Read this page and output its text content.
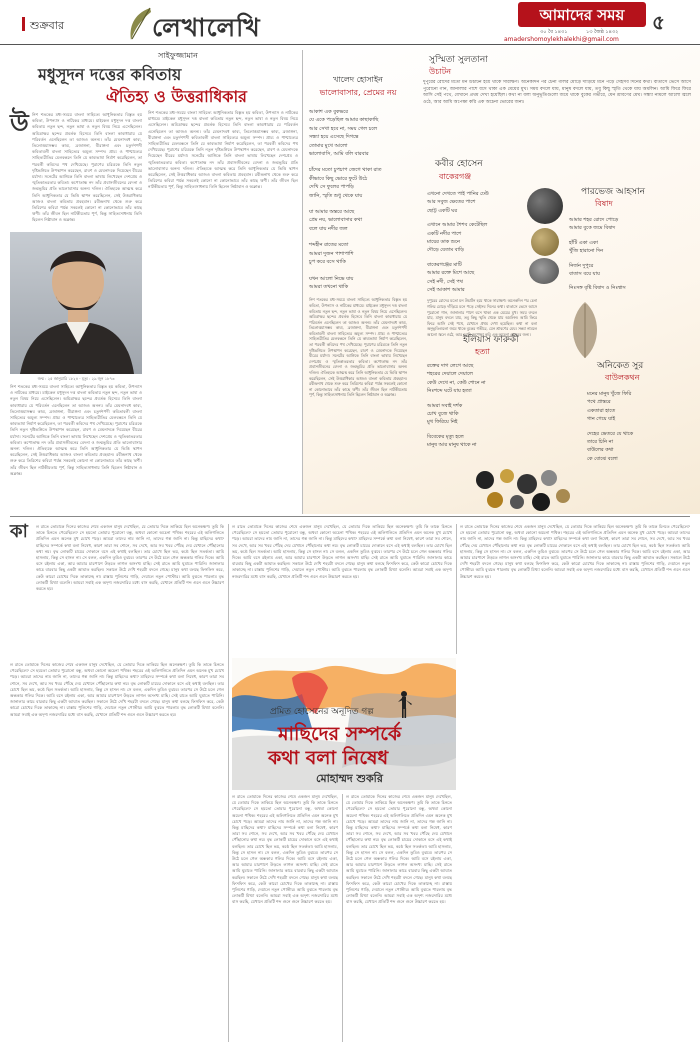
শুক্রবার	লেখালেখি	আমাদের সময়
৩০ বৈ ১৪৩১	১৩ জৈষ্ঠ ১৪৩২
amadershomoylekhalekhi@gmail.com
৫
সাইফুজ্জামান
মধুসূদন দত্তের কবিতায়
ঐতিহ্য ও উত্তরাধিকার
উ নিশ শতকের মধ্য-সময়ে বাংলা সাহিত্যে আধুনিকতার বিস্তৃত হয় কবিতা, উপন্যাস ও নাটকের মাধ্যমে। মাইকেল মধুসূদন দত্ত বাংলা কবিতায় নতুন ছন্দ, নতুন ভাষা ও নতুন বিষয় নিয়ে এসেছিলেন। অমিত্রাক্ষর ছন্দের প্রবর্তক হিসেবে তিনি বাংলা কাব্যধারায় যে পরিবর্তন এনেছিলেন তা আজও অনন্য। তাঁর মেঘনাদবধ কাব্য, তিলোত্তমাসম্ভব কাব্য, ব্রজাঙ্গনা, বীরাঙ্গনা এবং চতুর্দশপদী কবিতাবলী বাংলা সাহিত্যের অমূল্য সম্পদ। প্রাচ্য ও পাশ্চাত্যের সাহিত্যরীতির মেলবন্ধনে তিনি যে কাব্যভাষা নির্মাণ করেছিলেন, তা পরবর্তী কবিদের পথ দেখিয়েছে। পুরাণের চরিত্রকে তিনি নতুন দৃষ্টিভঙ্গিতে উপস্থাপন করেছেন, রাবণ ও মেঘনাদকে দিয়েছেন বীরের মর্যাদা। সনেটের আঙ্গিকে তিনি বাংলা ভাষায় লিখেছেন দেশপ্রেম ও স্মৃতিকাতরতার কবিতা। কপোতাক্ষ নদ তাঁর প্রবাসজীবনের বেদনা ও জন্মভূমির প্রতি ভালোবাসার অনন্য দলিল। ঐতিহ্যকে আত্মস্থ করে তিনি আধুনিকতার যে ভিত্তি স্থাপন করেছিলেন, সেই উত্তরাধিকার আজও বাংলা কবিতায় প্রবহমান। রবীন্দ্রনাথ থেকে শুরু করে তিরিশের কবিরা পর্যন্ত সকলেই কোনো না কোনোভাবে তাঁর কাছে ঋণী। তাঁর জীবন ছিল নাটকীয়তায় পূর্ণ, কিন্তু সাহিত্যসাধনায় তিনি ছিলেন নিষ্ঠাবান ও অক্লান্ত।
জন্ম : ২৫ জানুয়ারি ১৮২৪ - মৃত্যু : ২৯ জুন ১৮৭৩
নিশ শতকের মধ্য-সময়ে বাংলা সাহিত্যে আধুনিকতার বিস্তৃত হয় কবিতা, উপন্যাস ও নাটকের মাধ্যমে। মাইকেল মধুসূদন দত্ত বাংলা কবিতায় নতুন ছন্দ, নতুন ভাষা ও নতুন বিষয় নিয়ে এসেছিলেন। অমিত্রাক্ষর ছন্দের প্রবর্তক হিসেবে তিনি বাংলা কাব্যধারায় যে পরিবর্তন এনেছিলেন তা আজও অনন্য। তাঁর মেঘনাদবধ কাব্য, তিলোত্তমাসম্ভব কাব্য, ব্রজাঙ্গনা, বীরাঙ্গনা এবং চতুর্দশপদী কবিতাবলী বাংলা সাহিত্যের অমূল্য সম্পদ। প্রাচ্য ও পাশ্চাত্যের সাহিত্যরীতির মেলবন্ধনে তিনি যে কাব্যভাষা নির্মাণ করেছিলেন, তা পরবর্তী কবিদের পথ দেখিয়েছে। পুরাণের চরিত্রকে তিনি নতুন দৃষ্টিভঙ্গিতে উপস্থাপন করেছেন, রাবণ ও মেঘনাদকে দিয়েছেন বীরের মর্যাদা। সনেটের আঙ্গিকে তিনি বাংলা ভাষায় লিখেছেন দেশপ্রেম ও স্মৃতিকাতরতার কবিতা। কপোতাক্ষ নদ তাঁর প্রবাসজীবনের বেদনা ও জন্মভূমির প্রতি ভালোবাসার অনন্য দলিল। ঐতিহ্যকে আত্মস্থ করে তিনি আধুনিকতার যে ভিত্তি স্থাপন করেছিলেন, সেই উত্তরাধিকার আজও বাংলা কবিতায় প্রবহমান। রবীন্দ্রনাথ থেকে শুরু করে তিরিশের কবিরা পর্যন্ত সকলেই কোনো না কোনোভাবে তাঁর কাছে ঋণী। তাঁর জীবন ছিল নাটকীয়তায় পূর্ণ, কিন্তু সাহিত্যসাধনায় তিনি ছিলেন নিষ্ঠাবান ও অক্লান্ত।
নিশ শতকের মধ্য-সময়ে বাংলা সাহিত্যে আধুনিকতার বিস্তৃত হয় কবিতা, উপন্যাস ও নাটকের মাধ্যমে। মাইকেল মধুসূদন দত্ত বাংলা কবিতায় নতুন ছন্দ, নতুন ভাষা ও নতুন বিষয় নিয়ে এসেছিলেন। অমিত্রাক্ষর ছন্দের প্রবর্তক হিসেবে তিনি বাংলা কাব্যধারায় যে পরিবর্তন এনেছিলেন তা আজও অনন্য। তাঁর মেঘনাদবধ কাব্য, তিলোত্তমাসম্ভব কাব্য, ব্রজাঙ্গনা, বীরাঙ্গনা এবং চতুর্দশপদী কবিতাবলী বাংলা সাহিত্যের অমূল্য সম্পদ। প্রাচ্য ও পাশ্চাত্যের সাহিত্যরীতির মেলবন্ধনে তিনি যে কাব্যভাষা নির্মাণ করেছিলেন, তা পরবর্তী কবিদের পথ দেখিয়েছে। পুরাণের চরিত্রকে তিনি নতুন দৃষ্টিভঙ্গিতে উপস্থাপন করেছেন, রাবণ ও মেঘনাদকে দিয়েছেন বীরের মর্যাদা। সনেটের আঙ্গিকে তিনি বাংলা ভাষায় লিখেছেন দেশপ্রেম ও স্মৃতিকাতরতার কবিতা। কপোতাক্ষ নদ তাঁর প্রবাসজীবনের বেদনা ও জন্মভূমির প্রতি ভালোবাসার অনন্য দলিল। ঐতিহ্যকে আত্মস্থ করে তিনি আধুনিকতার যে ভিত্তি স্থাপন করেছিলেন, সেই উত্তরাধিকার আজও বাংলা কবিতায় প্রবহমান। রবীন্দ্রনাথ থেকে শুরু করে তিরিশের কবিরা পর্যন্ত সকলেই কোনো না কোনোভাবে তাঁর কাছে ঋণী। তাঁর জীবন ছিল নাটকীয়তায় পূর্ণ, কিন্তু সাহিত্যসাধনায় তিনি ছিলেন নিষ্ঠাবান ও অক্লান্ত।
খালেদ হোসাইন
ভালোবাসার, প্রেমের নয়
আকাশ এক বুকভরে
যে একে পড়েছিল আমার কাছাকাছি
আর সেখা হবে না, সময় গেল চলে
সন্ধ্যা হয়ে এসেছে দিগন্তে
তোমার মুখে আলো
ভালোবাসি, আমি বলি বারবার
চাঁদের মতো চুপচাপ জেগে থাকা রাত
কীভাবে কিছু ভোরে ফুটে উঠে
দেখি সে ফুলের পাপড়ি
জানি, স্মৃতি শুধু থেকে যায়
যা আমার অন্তরে আছে
প্রেম নয়, ভালোবাসার কথা
বলে যায় নদীর জল
শব্দহীন রাতের মতো
আমরা দুজন পাশাপাশি
চুপ করে বসে থাকি
যখন আলো নিভে যায়
আমরা তখনো থাকি
নিশ শতকের মধ্য-সময়ে বাংলা সাহিত্যে আধুনিকতার বিস্তৃত হয় কবিতা, উপন্যাস ও নাটকের মাধ্যমে। মাইকেল মধুসূদন দত্ত বাংলা কবিতায় নতুন ছন্দ, নতুন ভাষা ও নতুন বিষয় নিয়ে এসেছিলেন। অমিত্রাক্ষর ছন্দের প্রবর্তক হিসেবে তিনি বাংলা কাব্যধারায় যে পরিবর্তন এনেছিলেন তা আজও অনন্য। তাঁর মেঘনাদবধ কাব্য, তিলোত্তমাসম্ভব কাব্য, ব্রজাঙ্গনা, বীরাঙ্গনা এবং চতুর্দশপদী কবিতাবলী বাংলা সাহিত্যের অমূল্য সম্পদ। প্রাচ্য ও পাশ্চাত্যের সাহিত্যরীতির মেলবন্ধনে তিনি যে কাব্যভাষা নির্মাণ করেছিলেন, তা পরবর্তী কবিদের পথ দেখিয়েছে। পুরাণের চরিত্রকে তিনি নতুন দৃষ্টিভঙ্গিতে উপস্থাপন করেছেন, রাবণ ও মেঘনাদকে দিয়েছেন বীরের মর্যাদা। সনেটের আঙ্গিকে তিনি বাংলা ভাষায় লিখেছেন দেশপ্রেম ও স্মৃতিকাতরতার কবিতা। কপোতাক্ষ নদ তাঁর প্রবাসজীবনের বেদনা ও জন্মভূমির প্রতি ভালোবাসার অনন্য দলিল। ঐতিহ্যকে আত্মস্থ করে তিনি আধুনিকতার যে ভিত্তি স্থাপন করেছিলেন, সেই উত্তরাধিকার আজও বাংলা কবিতায় প্রবহমান। রবীন্দ্রনাথ থেকে শুরু করে তিরিশের কবিরা পর্যন্ত সকলেই কোনো না কোনোভাবে তাঁর কাছে ঋণী। তাঁর জীবন ছিল নাটকীয়তায় পূর্ণ, কিন্তু সাহিত্যসাধনায় তিনি ছিলেন নিষ্ঠাবান ও অক্লান্ত।
সুস্মিতা সুলতানা
উচাটন
দুপুরের রোদের মতো মন উচাটন হয়ে থাকে সারাক্ষণ। অনেকদিন পর চেনা গলির মোড়ে দাঁড়িয়ে মনে পড়ে সেইসব দিনের কথা। বাতাসে ভেসে আসে পুরোনো গান, জানালার পাশে বসে থাকা এক মেয়ের মুখ। সময় বদলে যায়, মানুষ বদলে যায়, তবু কিছু স্মৃতি থেকে যায় অমলিন। আমি ফিরে ফিরে আসি সেই পথে, যেখানে প্রথম দেখা হয়েছিল। কথা না বলা অনুভূতিগুলো জমে থাকে বুকের গভীরে, যেন শ্রাবণের মেঘ। সন্ধ্যা নামলে আলো জ্বলে ওঠে, আর আমি অপেক্ষা করি এক অচেনা ভোরের জন্য।
কবীর হোসেন
বাকেরগঞ্জ
এখনো দেখতে পাই পানির ঢেউ
আর সবুজ ক্ষেতের পাশে
ছোট্ট একটি ঘর
এখানে আমার শৈশব কেটেছিল
একটি নদীর পাশে
মায়ের ডাক শুনে
দৌড়ে যেতাম বাড়ি
বাকেরগঞ্জের মাটি
আমার রক্তে মিশে আছে
সেই নদী, সেই পথ
সেই আকাশ আমার
দুপুরের রোদের মতো মন উচাটন হয়ে থাকে সারাক্ষণ। অনেকদিন পর চেনা গলির মোড়ে দাঁড়িয়ে মনে পড়ে সেইসব দিনের কথা। বাতাসে ভেসে আসে পুরোনো গান, জানালার পাশে বসে থাকা এক মেয়ের মুখ। সময় বদলে যায়, মানুষ বদলে যায়, তবু কিছু স্মৃতি থেকে যায় অমলিন। আমি ফিরে ফিরে আসি সেই পথে, যেখানে প্রথম দেখা হয়েছিল। কথা না বলা অনুভূতিগুলো জমে থাকে বুকের গভীরে, যেন শ্রাবণের মেঘ। সন্ধ্যা নামলে আলো জ্বলে ওঠে, আর আমি অপেক্ষা করি এক অচেনা ভোরের জন্য।
পারভেজ আহসান
বিষাদ
আমার শহর রোদে পোড়ে
আমার বুকে জমে বিষাদ
হাঁটি একা একা
খুঁজি হারানো দিন
নির্জন দুপুরে
বাতাস বয়ে যায়
নিঃসঙ্গ বৃষ্টি বিষাদ ও নিঃশ্বাস
ইলিয়াস ফারুকী
হত্যা
রক্তের দাগ লেগে আছে
শহরের দেয়ালে দেয়ালে
কেউ দেখে না, কেউ শোনে না
নিঃশব্দে ঘটে যায় হত্যা
আমরা সবাই দর্শক
চোখ বুজে থাকি
মুখ ফিরিয়ে নিই
বিবেকের মৃত্যু হলে
মানুষ আর মানুষ থাকে না
অনিকেত সুর
বাউলকথন
মনের মানুষ খুঁজে ফিরি
পথে প্রান্তরে
একতারা হাতে
গান গেয়ে যাই
দেহের ভেতরে যে থাকে
তারে চিনি না
বাউলের কথা
কে বোঝে বলো
কা ল রাতে তোমাকে দিনের কাজের শেষে একজন মানুষ দেখেছিল, যে তোমার দিকে তাকিয়ে ছিল অনেকক্ষণ। তুমি কি তাকে চিনতে পেরেছিলে? সে হয়তো তোমার পুরোনো বন্ধু, অথবা কোনো অচেনা পথিক। শহরের এই অলিগলিতে প্রতিদিন এমন অনেক মুখ চোখে পড়ে। আমরা তাদের নাম জানি না, তাদের গল্প জানি না। কিন্তু মাছিদের কথা? মাছিদের সম্পর্কে কথা বলা নিষেধ, কারণ তারা সব শোনে, সব দেখে, আর সব খবর পৌঁছে দেয় যেখানে পৌঁছানোর কথা নয়। বৃদ্ধ লোকটি চায়ের দোকানে বসে এই কথাই বলছিল। তার চোখে ছিল ভয়, কণ্ঠে ছিল সতর্কতা। আমি হাসলাম, কিন্তু সে হাসল না। সে বলল, একদিন তুমিও বুঝবে। তারপর সে উঠে চলে গেল অন্ধকার গলির দিকে। আমি বসে রইলাম একা, আর আমার চারপাশে উড়তে লাগল অসংখ্য মাছি। সেই রাতে আমি ঘুমাতে পারিনি। জানালার কাচে বারবার কিছু একটা আঘাত করছিল। সকালে উঠে দেখি শহরটা বদলে গেছে। মানুষ কথা বলছে ফিসফিস করে, কেউ কারো চোখের দিকে তাকাচ্ছে না। রাস্তায় পুলিশের গাড়ি, দেয়ালে নতুন পোস্টার। আমি বুঝতে পারলাম বৃদ্ধ লোকটি মিথ্যা বলেনি। আমরা সবাই এক অদৃশ্য নজরদারির মধ্যে বাস করছি, যেখানে প্রতিটি শব্দ গুনে গুনে উচ্চারণ করতে হয়।
ল রাতে তোমাকে দিনের কাজের শেষে একজন মানুষ দেখেছিল, যে তোমার দিকে তাকিয়ে ছিল অনেকক্ষণ। তুমি কি তাকে চিনতে পেরেছিলে? সে হয়তো তোমার পুরোনো বন্ধু, অথবা কোনো অচেনা পথিক। শহরের এই অলিগলিতে প্রতিদিন এমন অনেক মুখ চোখে পড়ে। আমরা তাদের নাম জানি না, তাদের গল্প জানি না। কিন্তু মাছিদের কথা? মাছিদের সম্পর্কে কথা বলা নিষেধ, কারণ তারা সব শোনে, সব দেখে, আর সব খবর পৌঁছে দেয় যেখানে পৌঁছানোর কথা নয়। বৃদ্ধ লোকটি চায়ের দোকানে বসে এই কথাই বলছিল। তার চোখে ছিল ভয়, কণ্ঠে ছিল সতর্কতা। আমি হাসলাম, কিন্তু সে হাসল না। সে বলল, একদিন তুমিও বুঝবে। তারপর সে উঠে চলে গেল অন্ধকার গলির দিকে। আমি বসে রইলাম একা, আর আমার চারপাশে উড়তে লাগল অসংখ্য মাছি। সেই রাতে আমি ঘুমাতে পারিনি। জানালার কাচে বারবার কিছু একটা আঘাত করছিল। সকালে উঠে দেখি শহরটা বদলে গেছে। মানুষ কথা বলছে ফিসফিস করে, কেউ কারো চোখের দিকে তাকাচ্ছে না। রাস্তায় পুলিশের গাড়ি, দেয়ালে নতুন পোস্টার। আমি বুঝতে পারলাম বৃদ্ধ লোকটি মিথ্যা বলেনি। আমরা সবাই এক অদৃশ্য নজরদারির মধ্যে বাস করছি, যেখানে প্রতিটি শব্দ গুনে গুনে উচ্চারণ করতে হয়।
ল রাতে তোমাকে দিনের কাজের শেষে একজন মানুষ দেখেছিল, যে তোমার দিকে তাকিয়ে ছিল অনেকক্ষণ। তুমি কি তাকে চিনতে পেরেছিলে? সে হয়তো তোমার পুরোনো বন্ধু, অথবা কোনো অচেনা পথিক। শহরের এই অলিগলিতে প্রতিদিন এমন অনেক মুখ চোখে পড়ে। আমরা তাদের নাম জানি না, তাদের গল্প জানি না। কিন্তু মাছিদের কথা? মাছিদের সম্পর্কে কথা বলা নিষেধ, কারণ তারা সব শোনে, সব দেখে, আর সব খবর পৌঁছে দেয় যেখানে পৌঁছানোর কথা নয়। বৃদ্ধ লোকটি চায়ের দোকানে বসে এই কথাই বলছিল। তার চোখে ছিল ভয়, কণ্ঠে ছিল সতর্কতা। আমি হাসলাম, কিন্তু সে হাসল না। সে বলল, একদিন তুমিও বুঝবে। তারপর সে উঠে চলে গেল অন্ধকার গলির দিকে। আমি বসে রইলাম একা, আর আমার চারপাশে উড়তে লাগল অসংখ্য মাছি। সেই রাতে আমি ঘুমাতে পারিনি। জানালার কাচে বারবার কিছু একটা আঘাত করছিল। সকালে উঠে দেখি শহরটা বদলে গেছে। মানুষ কথা বলছে ফিসফিস করে, কেউ কারো চোখের দিকে তাকাচ্ছে না। রাস্তায় পুলিশের গাড়ি, দেয়ালে নতুন পোস্টার। আমি বুঝতে পারলাম বৃদ্ধ লোকটি মিথ্যা বলেনি। আমরা সবাই এক অদৃশ্য নজরদারির মধ্যে বাস করছি, যেখানে প্রতিটি শব্দ গুনে গুনে উচ্চারণ করতে হয়।
ল রাতে তোমাকে দিনের কাজের শেষে একজন মানুষ দেখেছিল, যে তোমার দিকে তাকিয়ে ছিল অনেকক্ষণ। তুমি কি তাকে চিনতে পেরেছিলে? সে হয়তো তোমার পুরোনো বন্ধু, অথবা কোনো অচেনা পথিক। শহরের এই অলিগলিতে প্রতিদিন এমন অনেক মুখ চোখে পড়ে। আমরা তাদের নাম জানি না, তাদের গল্প জানি না। কিন্তু মাছিদের কথা? মাছিদের সম্পর্কে কথা বলা নিষেধ, কারণ তারা সব শোনে, সব দেখে, আর সব খবর পৌঁছে দেয় যেখানে পৌঁছানোর কথা নয়। বৃদ্ধ লোকটি চায়ের দোকানে বসে এই কথাই বলছিল। তার চোখে ছিল ভয়, কণ্ঠে ছিল সতর্কতা। আমি হাসলাম, কিন্তু সে হাসল না। সে বলল, একদিন তুমিও বুঝবে। তারপর সে উঠে চলে গেল অন্ধকার গলির দিকে। আমি বসে রইলাম একা, আর আমার চারপাশে উড়তে লাগল অসংখ্য মাছি। সেই রাতে আমি ঘুমাতে পারিনি। জানালার কাচে বারবার কিছু একটা আঘাত করছিল। সকালে উঠে দেখি শহরটা বদলে গেছে। মানুষ কথা বলছে ফিসফিস করে, কেউ কারো চোখের দিকে তাকাচ্ছে না। রাস্তায় পুলিশের গাড়ি, দেয়ালে নতুন পোস্টার। আমি বুঝতে পারলাম বৃদ্ধ লোকটি মিথ্যা বলেনি। আমরা সবাই এক অদৃশ্য নজরদারির মধ্যে বাস করছি, যেখানে প্রতিটি শব্দ গুনে গুনে উচ্চারণ করতে হয়।
প্রমিত হোসেনের অনূদিত গল্প
মাছিদের সম্পর্কে
কথা বলা নিষেধ
মোহাম্মদ শুকরি
ল রাতে তোমাকে দিনের কাজের শেষে একজন মানুষ দেখেছিল, যে তোমার দিকে তাকিয়ে ছিল অনেকক্ষণ। তুমি কি তাকে চিনতে পেরেছিলে? সে হয়তো তোমার পুরোনো বন্ধু, অথবা কোনো অচেনা পথিক। শহরের এই অলিগলিতে প্রতিদিন এমন অনেক মুখ চোখে পড়ে। আমরা তাদের নাম জানি না, তাদের গল্প জানি না। কিন্তু মাছিদের কথা? মাছিদের সম্পর্কে কথা বলা নিষেধ, কারণ তারা সব শোনে, সব দেখে, আর সব খবর পৌঁছে দেয় যেখানে পৌঁছানোর কথা নয়। বৃদ্ধ লোকটি চায়ের দোকানে বসে এই কথাই বলছিল। তার চোখে ছিল ভয়, কণ্ঠে ছিল সতর্কতা। আমি হাসলাম, কিন্তু সে হাসল না। সে বলল, একদিন তুমিও বুঝবে। তারপর সে উঠে চলে গেল অন্ধকার গলির দিকে। আমি বসে রইলাম একা, আর আমার চারপাশে উড়তে লাগল অসংখ্য মাছি। সেই রাতে আমি ঘুমাতে পারিনি। জানালার কাচে বারবার কিছু একটা আঘাত করছিল। সকালে উঠে দেখি শহরটা বদলে গেছে। মানুষ কথা বলছে ফিসফিস করে, কেউ কারো চোখের দিকে তাকাচ্ছে না। রাস্তায় পুলিশের গাড়ি, দেয়ালে নতুন পোস্টার। আমি বুঝতে পারলাম বৃদ্ধ লোকটি মিথ্যা বলেনি। আমরা সবাই এক অদৃশ্য নজরদারির মধ্যে বাস করছি, যেখানে প্রতিটি শব্দ গুনে গুনে উচ্চারণ করতে হয়।
ল রাতে তোমাকে দিনের কাজের শেষে একজন মানুষ দেখেছিল, যে তোমার দিকে তাকিয়ে ছিল অনেকক্ষণ। তুমি কি তাকে চিনতে পেরেছিলে? সে হয়তো তোমার পুরোনো বন্ধু, অথবা কোনো অচেনা পথিক। শহরের এই অলিগলিতে প্রতিদিন এমন অনেক মুখ চোখে পড়ে। আমরা তাদের নাম জানি না, তাদের গল্প জানি না। কিন্তু মাছিদের কথা? মাছিদের সম্পর্কে কথা বলা নিষেধ, কারণ তারা সব শোনে, সব দেখে, আর সব খবর পৌঁছে দেয় যেখানে পৌঁছানোর কথা নয়। বৃদ্ধ লোকটি চায়ের দোকানে বসে এই কথাই বলছিল। তার চোখে ছিল ভয়, কণ্ঠে ছিল সতর্কতা। আমি হাসলাম, কিন্তু সে হাসল না। সে বলল, একদিন তুমিও বুঝবে। তারপর সে উঠে চলে গেল অন্ধকার গলির দিকে। আমি বসে রইলাম একা, আর আমার চারপাশে উড়তে লাগল অসংখ্য মাছি। সেই রাতে আমি ঘুমাতে পারিনি। জানালার কাচে বারবার কিছু একটা আঘাত করছিল। সকালে উঠে দেখি শহরটা বদলে গেছে। মানুষ কথা বলছে ফিসফিস করে, কেউ কারো চোখের দিকে তাকাচ্ছে না। রাস্তায় পুলিশের গাড়ি, দেয়ালে নতুন পোস্টার। আমি বুঝতে পারলাম বৃদ্ধ লোকটি মিথ্যা বলেনি। আমরা সবাই এক অদৃশ্য নজরদারির মধ্যে বাস করছি, যেখানে প্রতিটি শব্দ গুনে গুনে উচ্চারণ করতে হয়।
